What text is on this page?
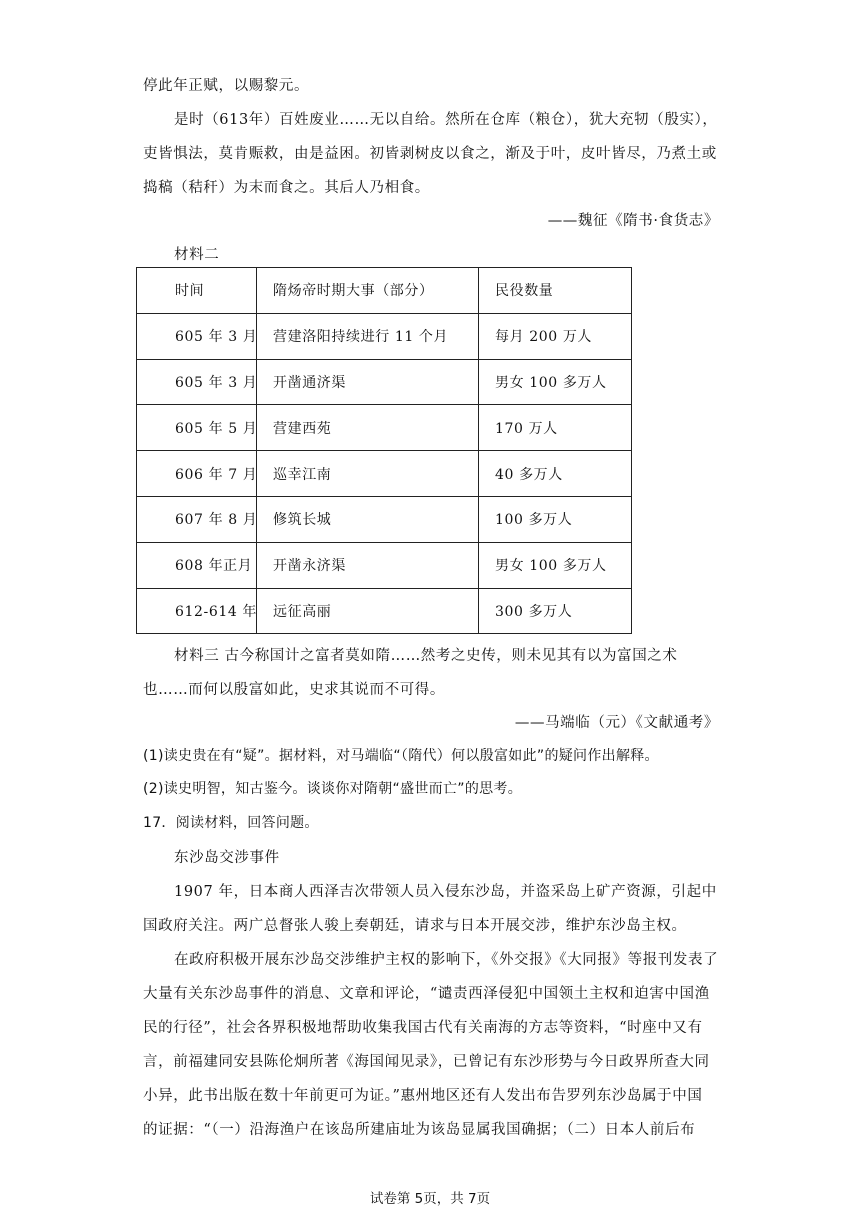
停此年正赋，以赐黎元。
是时（613年）百姓废业……无以自给。然所在仓库（粮仓），犹大充牣（殷实），
吏皆惧法，莫肯赈救，由是益困。初皆剥树皮以食之，渐及于叶，皮叶皆尽，乃煮土或
捣稿（秸秆）为末而食之。其后人乃相食。
——魏征《隋书·食货志》
材料二
时间	隋炀帝时期大事（部分）	民役数量
605 年 3 月	营建洛阳持续进行 11 个月	每月 200 万人
605 年 3 月	开凿通济渠	男女 100 多万人
605 年 5 月	营建西苑	170 万人
606 年 7 月	巡幸江南	40 多万人
607 年 8 月	修筑长城	100 多万人
608 年正月	开凿永济渠	男女 100 多万人
612-614 年	远征高丽	300 多万人
材料三 古今称国计之富者莫如隋……然考之史传，则未见其有以为富国之术
也……而何以殷富如此，史求其说而不可得。
——马端临（元）《文献通考》
(1)读史贵在有“疑”。据材料，对马端临“（隋代）何以殷富如此”的疑问作出解释。
(2)读史明智，知古鉴今。谈谈你对隋朝“盛世而亡”的思考。
17．阅读材料，回答问题。
东沙岛交涉事件
1907 年，日本商人西泽吉次带领人员入侵东沙岛，并盗采岛上矿产资源，引起中
国政府关注。两广总督张人骏上奏朝廷，请求与日本开展交涉，维护东沙岛主权。
在政府积极开展东沙岛交涉维护主权的影响下，《外交报》《大同报》等报刊发表了
大量有关东沙岛事件的消息、文章和评论，“谴责西泽侵犯中国领土主权和迫害中国渔
民的行径”，社会各界积极地帮助收集我国古代有关南海的方志等资料，“时座中又有
言，前福建同安县陈伦炯所著《海国闻见录》，已曾记有东沙形势与今日政界所查大同
小异，此书出版在数十年前更可为证。”惠州地区还有人发出布告罗列东沙岛属于中国
的证据：“（一）沿海渔户在该岛所建庙址为该岛显属我国确据；（二）日本人前后布
试卷第 5页，共 7页
